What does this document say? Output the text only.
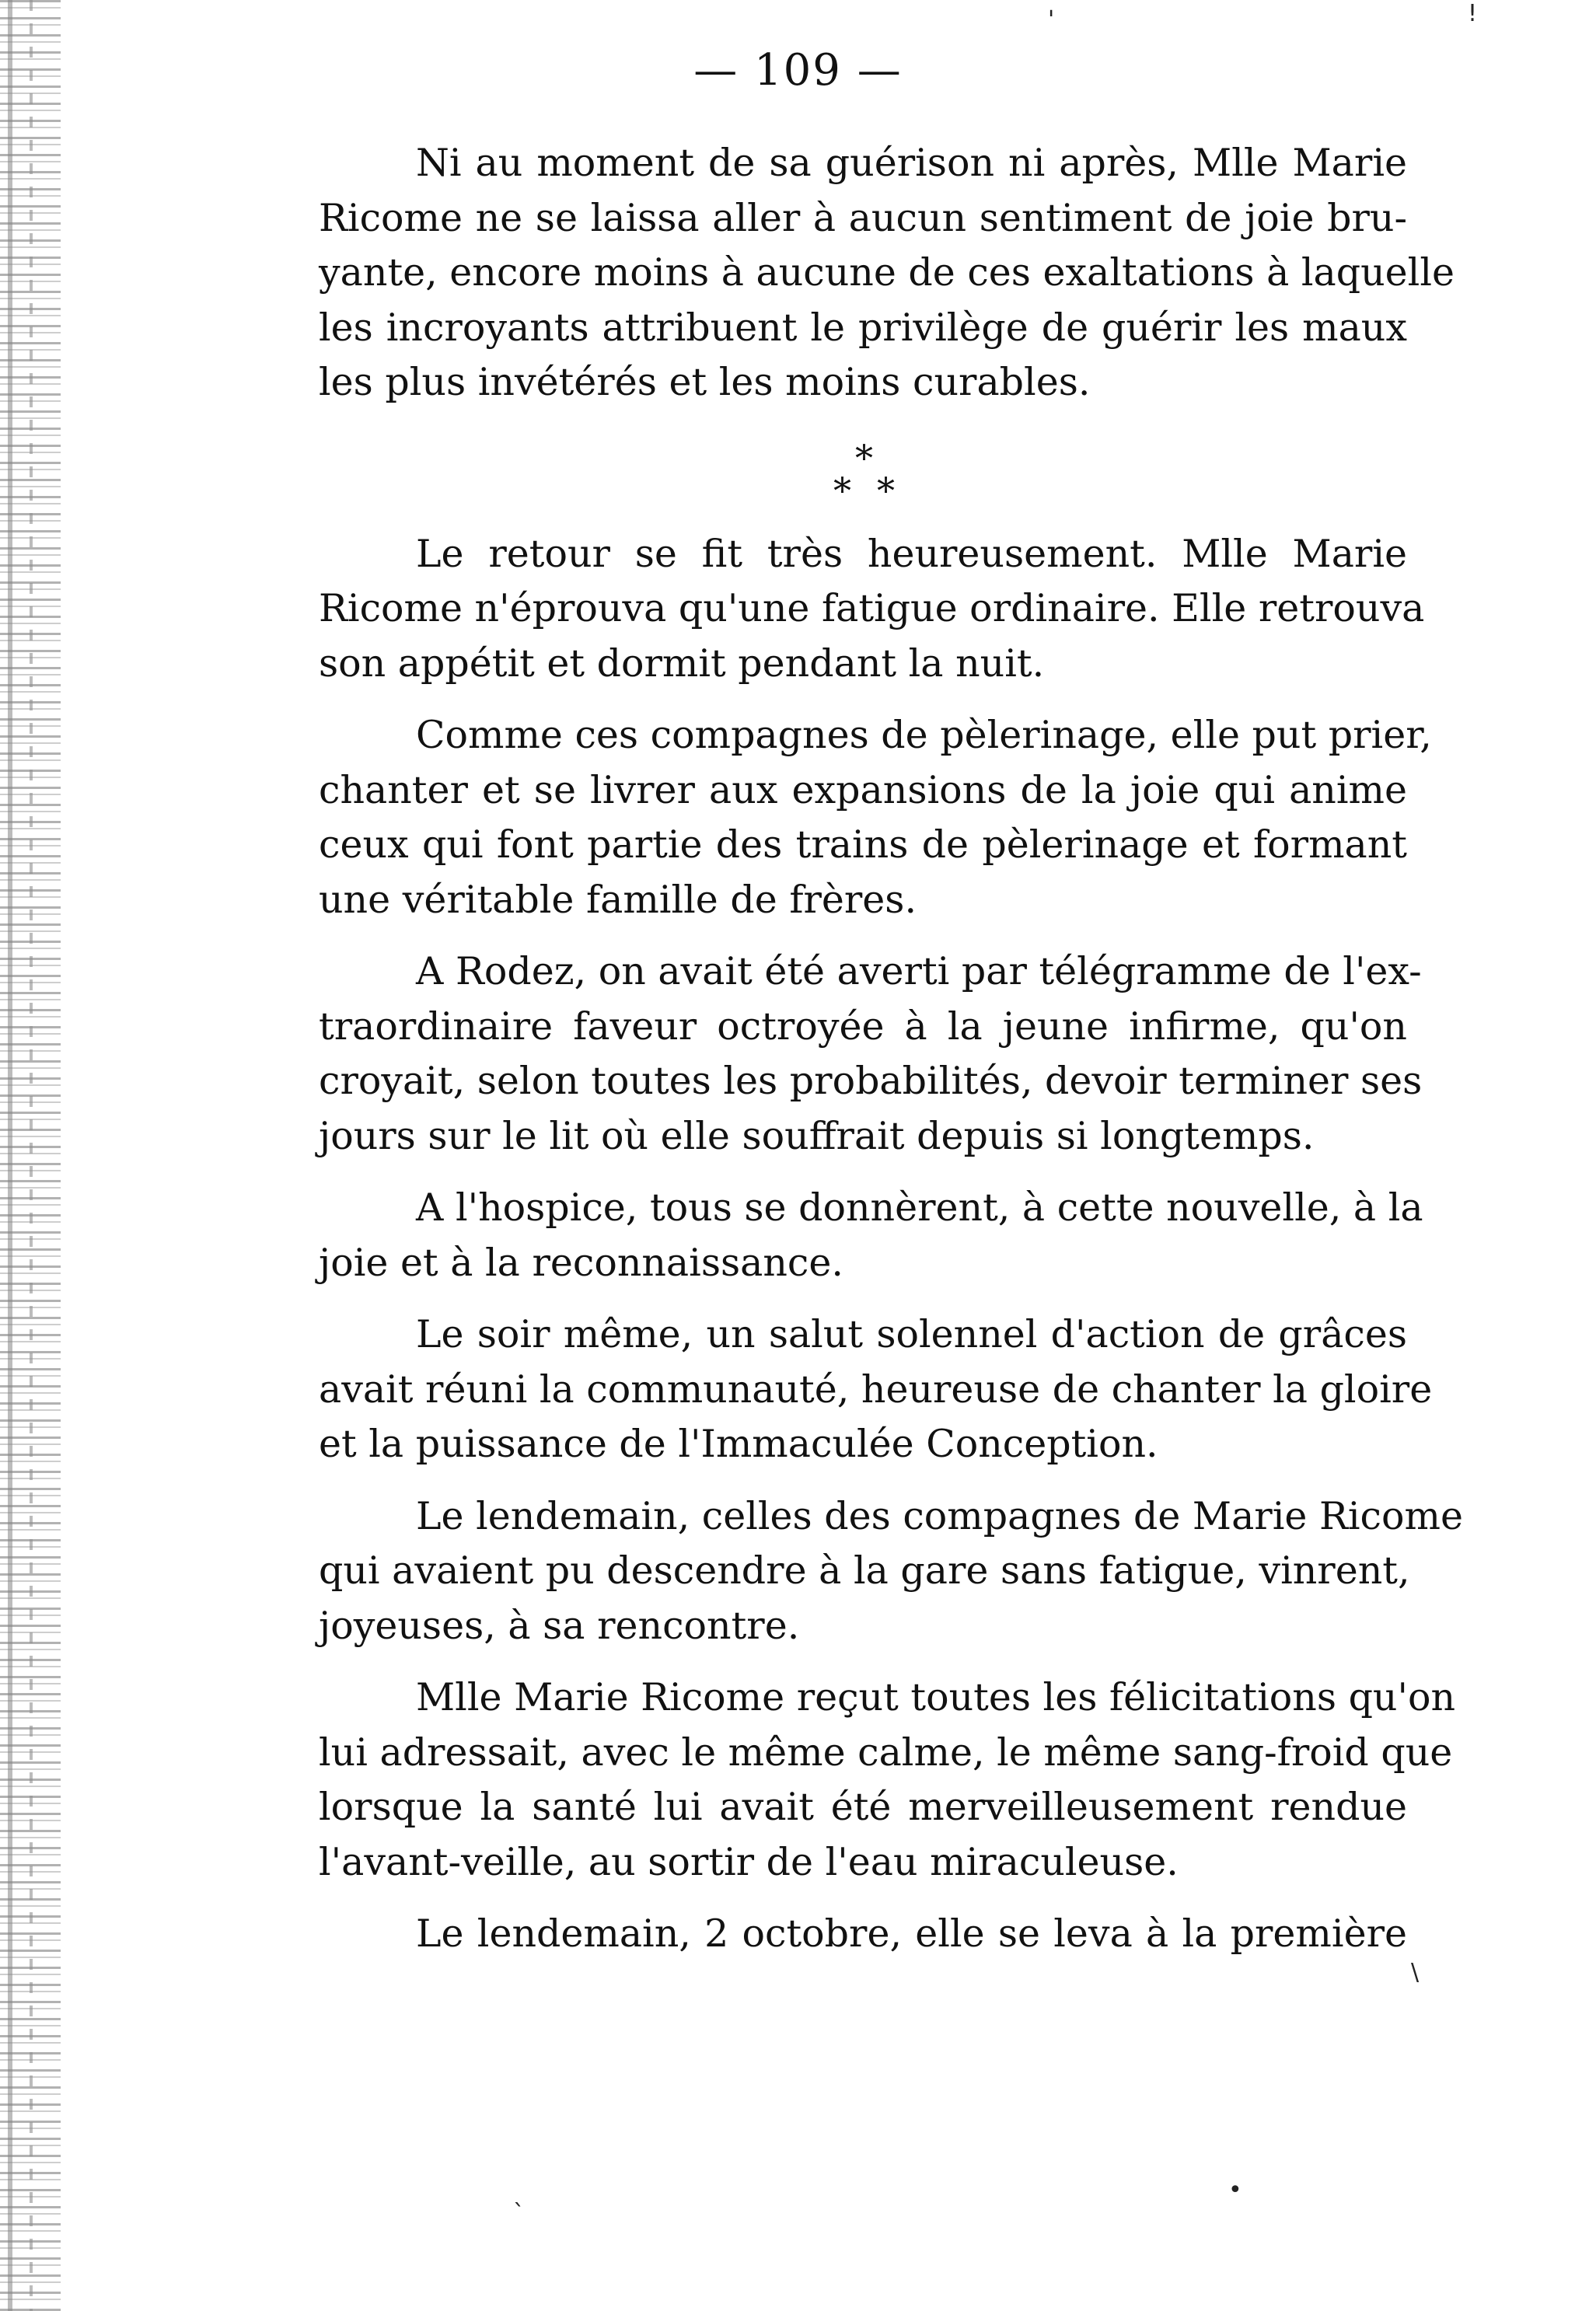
— 109 —
Ni au moment de sa guérison ni après, Mlle Marie
Ricome ne se laissa aller à aucun sentiment de joie bru-
yante, encore moins à aucune de ces exaltations à laquelle
les incroyants attribuent le privilège de guérir les maux
les plus invétérés et les moins curables.
*
* *
Le retour se fit très heureusement. Mlle Marie
Ricome n'éprouva qu'une fatigue ordinaire. Elle retrouva
son appétit et dormit pendant la nuit.
Comme ces compagnes de pèlerinage, elle put prier,
chanter et se livrer aux expansions de la joie qui anime
ceux qui font partie des trains de pèlerinage et formant
une véritable famille de frères.
A Rodez, on avait été averti par télégramme de l'ex-
traordinaire faveur octroyée à la jeune infirme, qu'on
croyait, selon toutes les probabilités, devoir terminer ses
jours sur le lit où elle souffrait depuis si longtemps.
A l'hospice, tous se donnèrent, à cette nouvelle, à la
joie et à la reconnaissance.
Le soir même, un salut solennel d'action de grâces
avait réuni la communauté, heureuse de chanter la gloire
et la puissance de l'Immaculée Conception.
Le lendemain, celles des compagnes de Marie Ricome
qui avaient pu descendre à la gare sans fatigue, vinrent,
joyeuses, à sa rencontre.
Mlle Marie Ricome reçut toutes les félicitations qu'on
lui adressait, avec le même calme, le même sang-froid que
lorsque la santé lui avait été merveilleusement rendue
l'avant-veille, au sortir de l'eau miraculeuse.
Le lendemain, 2 octobre, elle se leva à la première
'	!
\
•
`
